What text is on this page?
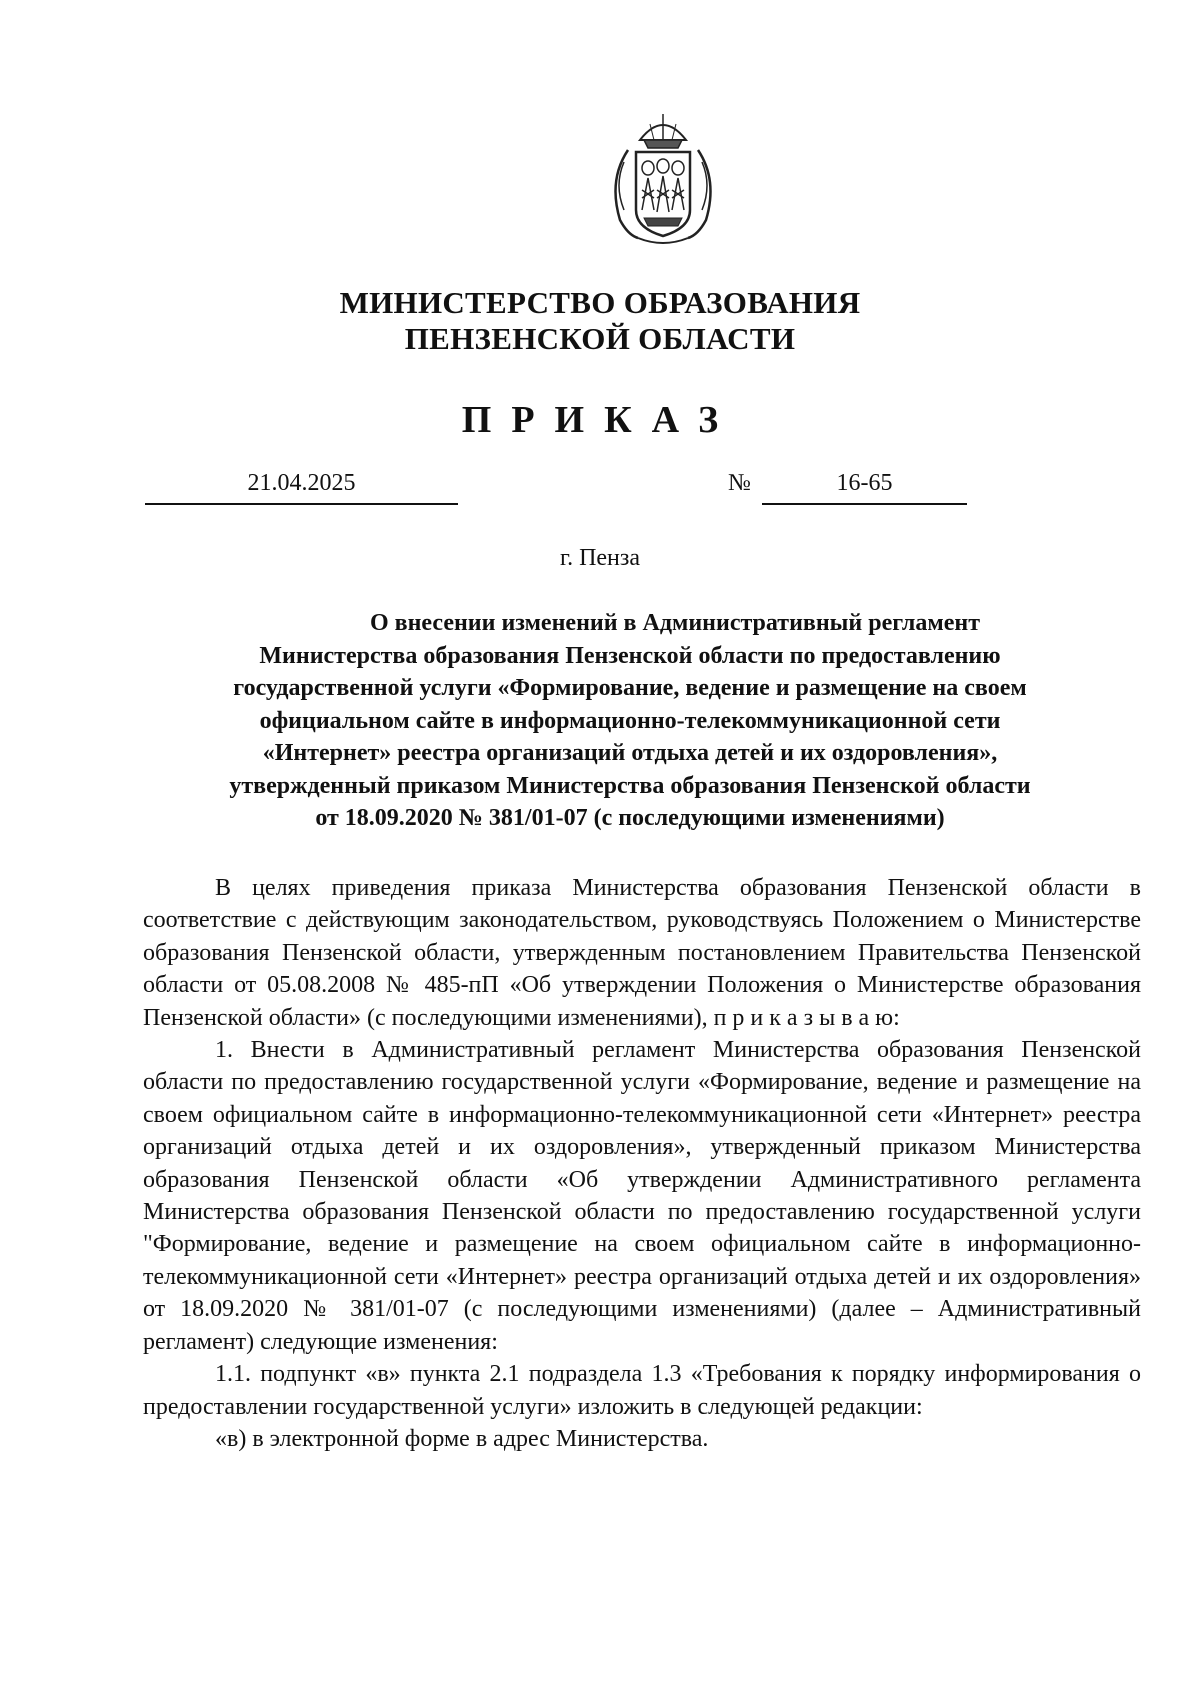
МИНИСТЕРСТВО ОБРАЗОВАНИЯ
ПЕНЗЕНСКОЙ ОБЛАСТИ
ПРИКАЗ
21.04.2025	№	16-65
г. Пенза
О внесении изменений в Административный регламент
Министерства образования Пензенской области по предоставлению
государственной услуги «Формирование, ведение и размещение на своем
официальном сайте в информационно-телекоммуникационной сети
«Интернет» реестра организаций отдыха детей и их оздоровления»,
утвержденный приказом Министерства образования Пензенской области
от 18.09.2020 № 381/01-07 (с последующими изменениями)

В целях приведения приказа Министерства образования Пензенской области в соответствие с действующим законодательством, руководствуясь Положением о Министерстве образования Пензенской области, утвержденным постановлением Правительства Пензенской области от 05.08.2008 № 485-пП «Об утверждении Положения о Министерстве образования Пензенской области» (с последующими изменениями), п р и к а з ы в а ю:

1. Внести в Административный регламент Министерства образования Пензенской области по предоставлению государственной услуги «Формирование, ведение и размещение на своем официальном сайте в информационно-телекоммуникационной сети «Интернет» реестра организаций отдыха детей и их оздоровления», утвержденный приказом Министерства образования Пензенской области «Об утверждении Административного регламента Министерства образования Пензенской области по предоставлению государственной услуги "Формирование, ведение и размещение на своем официальном сайте в информационно-телекоммуникационной сети «Интернет» реестра организаций отдыха детей и их оздоровления» от 18.09.2020 № 381/01-07 (с последующими изменениями) (далее – Административный регламент) следующие изменения:

1.1. подпункт «в» пункта 2.1 подраздела 1.3 «Требования к порядку информирования о предоставлении государственной услуги» изложить в следующей редакции:

«в) в электронной форме в адрес Министерства.
